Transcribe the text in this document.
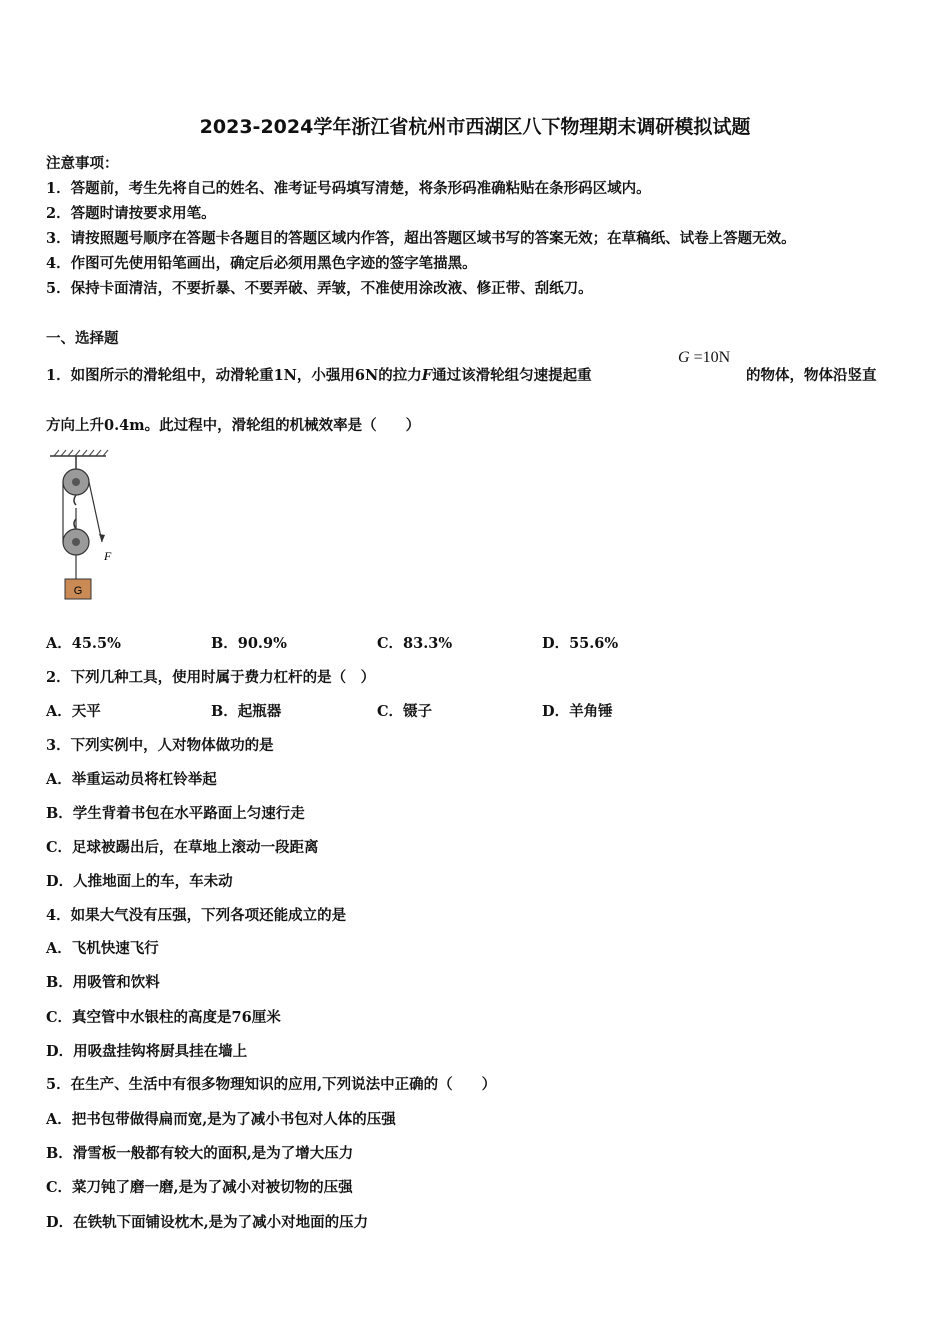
2023-2024学年浙江省杭州市西湖区八下物理期末调研模拟试题
注意事项：
1．答题前，考生先将自己的姓名、准考证号码填写清楚，将条形码准确粘贴在条形码区域内。
2．答题时请按要求用笔。
3．请按照题号顺序在答题卡各题目的答题区域内作答，超出答题区域书写的答案无效；在草稿纸、试卷上答题无效。
4．作图可先使用铅笔画出，确定后必须用黑色字迹的签字笔描黑。
5．保持卡面清洁，不要折暴、不要弄破、弄皱，不准使用涂改液、修正带、刮纸刀。
一、选择题
1．如图所示的滑轮组中，动滑轮重1N，小强用6N的拉力F通过该滑轮组匀速提起重
G =10N
的物体，物体沿竖直
方向上升0.4m。此过程中，滑轮组的机械效率是（　　）
G
F
A．45.5%	B．90.9%	C．83.3%	D．55.6%
2．下列几种工具，使用时属于费力杠杆的是（　）
A．天平	B．起瓶器	C．镊子	D．羊角锤
3．下列实例中，人对物体做功的是
A．举重运动员将杠铃举起
B．学生背着书包在水平路面上匀速行走
C．足球被踢出后，在草地上滚动一段距离
D．人推地面上的车，车未动
4．如果大气没有压强，下列各项还能成立的是
A．飞机快速飞行
B．用吸管和饮料
C．真空管中水银柱的高度是76厘米
D．用吸盘挂钩将厨具挂在墙上
5．在生产、生活中有很多物理知识的应用,下列说法中正确的（　　）
A．把书包带做得扁而宽,是为了减小书包对人体的压强
B．滑雪板一般都有较大的面积,是为了增大压力
C．菜刀钝了磨一磨,是为了减小对被切物的压强
D．在铁轨下面铺设枕木,是为了减小对地面的压力
